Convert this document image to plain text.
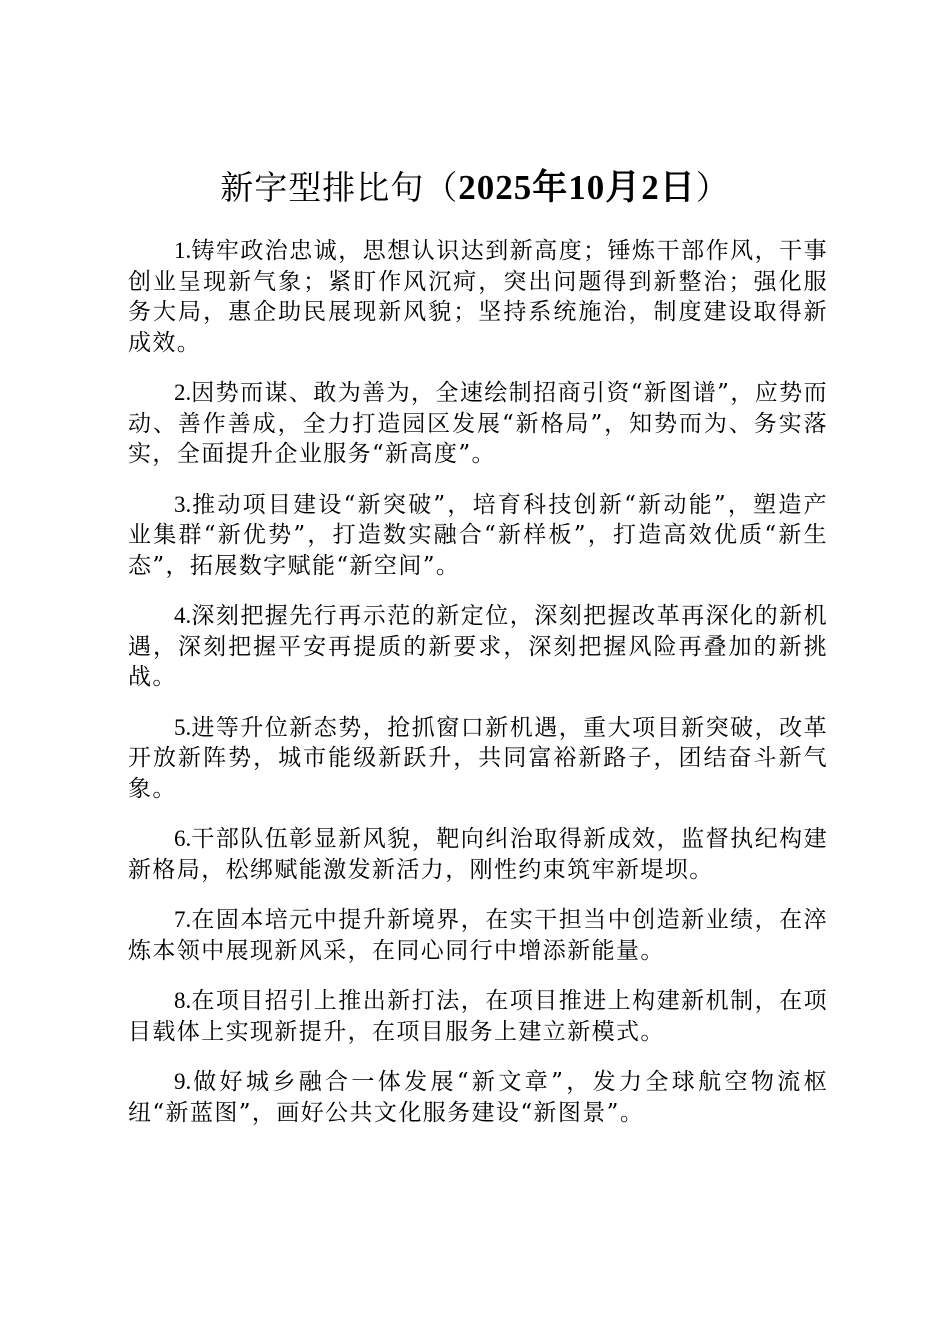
新字型排比句（2025年10月2日）

1.铸牢政治忠诚，思想认识达到新高度；锤炼干部作风，干事创业呈现新气象；紧盯作风沉疴，突出问题得到新整治；强化服务大局，惠企助民展现新风貌；坚持系统施治，制度建设取得新成效。

2.因势而谋、敢为善为，全速绘制招商引资“新图谱”，应势而动、善作善成，全力打造园区发展“新格局”，知势而为、务实落实，全面提升企业服务“新高度”。

3.推动项目建设“新突破”，培育科技创新“新动能”，塑造产业集群“新优势”，打造数实融合“新样板”，打造高效优质“新生态”，拓展数字赋能“新空间”。

4.深刻把握先行再示范的新定位，深刻把握改革再深化的新机遇，深刻把握平安再提质的新要求，深刻把握风险再叠加的新挑战。

5.进等升位新态势，抢抓窗口新机遇，重大项目新突破，改革开放新阵势，城市能级新跃升，共同富裕新路子，团结奋斗新气象。

6.干部队伍彰显新风貌，靶向纠治取得新成效，监督执纪构建新格局，松绑赋能激发新活力，刚性约束筑牢新堤坝。

7.在固本培元中提升新境界，在实干担当中创造新业绩，在淬炼本领中展现新风采，在同心同行中增添新能量。

8.在项目招引上推出新打法，在项目推进上构建新机制，在项目载体上实现新提升，在项目服务上建立新模式。

9.做好城乡融合一体发展“新文章”，发力全球航空物流枢纽“新蓝图”，画好公共文化服务建设“新图景”。
